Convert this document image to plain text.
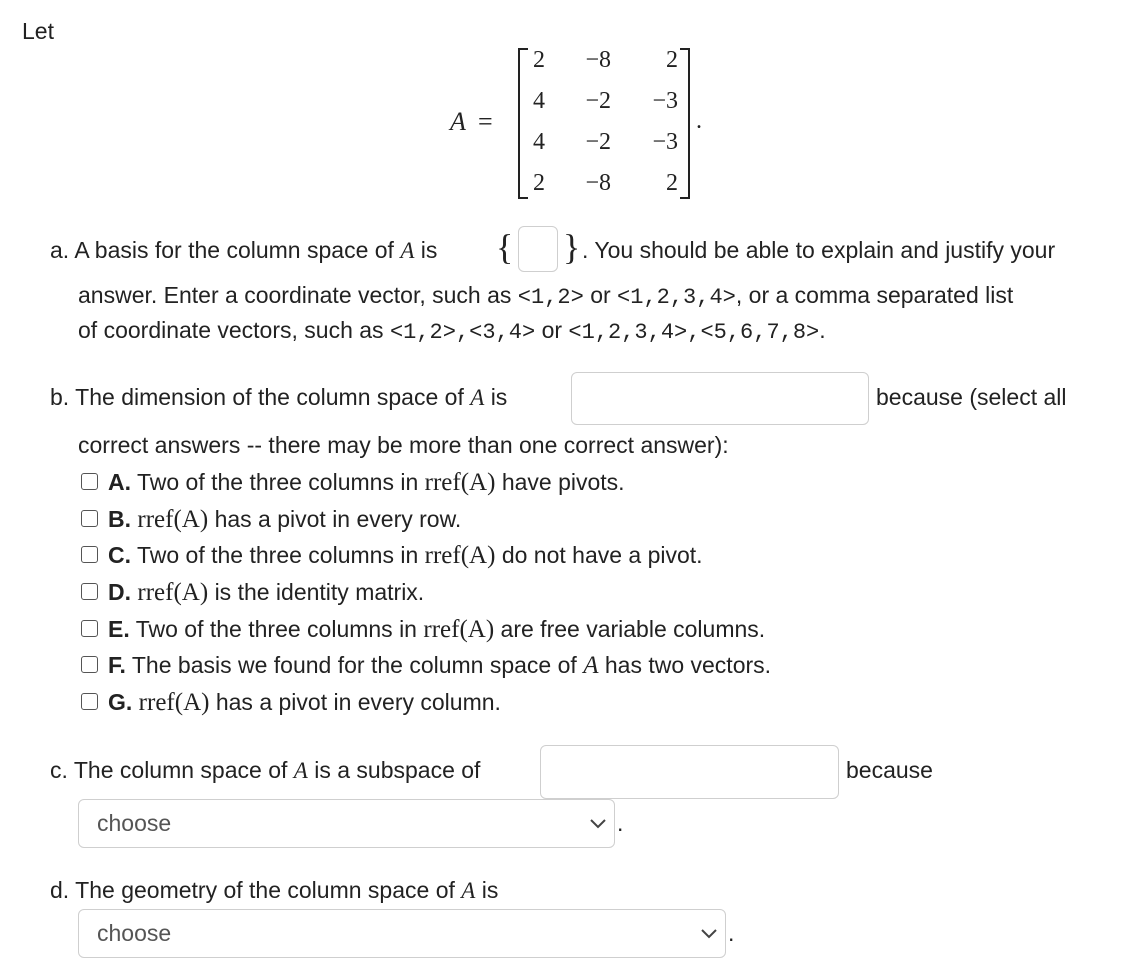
Let
A =	.
2	−8	2
4	−2	−3
4	−2	−3
2	−8	2
a. A basis for the column space of A is { } . You should be able to explain and justify your
answer. Enter a coordinate vector, such as <1,2> or <1,2,3,4>, or a comma separated list
of coordinate vectors, such as <1,2>,<3,4> or <1,2,3,4>,<5,6,7,8>.
b. The dimension of the column space of A is	because (select all
correct answers -- there may be more than one correct answer):
A. Two of the three columns in rref(A) have pivots.
B. rref(A) has a pivot in every row.
C. Two of the three columns in rref(A) do not have a pivot.
D. rref(A) is the identity matrix.
E. Two of the three columns in rref(A) are free variable columns.
F. The basis we found for the column space of A has two vectors.
G. rref(A) has a pivot in every column.
c. The column space of A is a subspace of	because
choose	.
d. The geometry of the column space of A is
choose	.
